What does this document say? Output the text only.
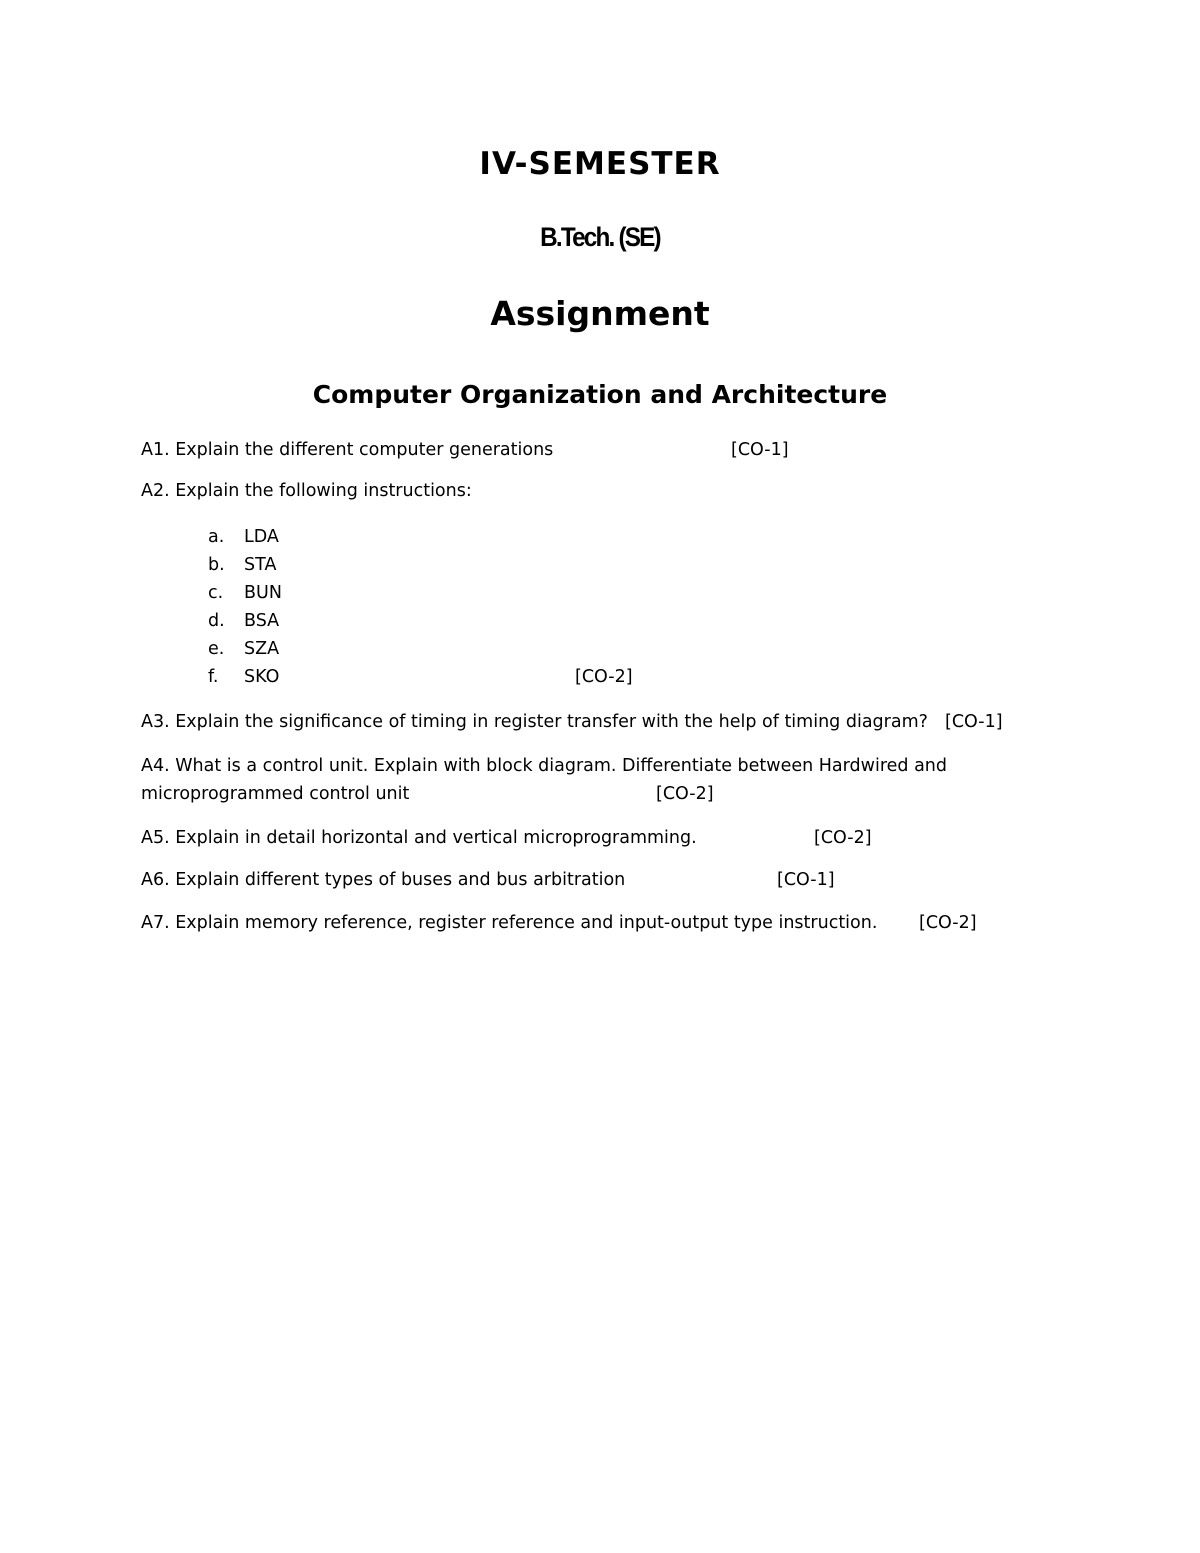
IV-SEMESTER
B.Tech. (SE)
Assignment
Computer Organization and Architecture
A1. Explain the different computer generations	[CO-1]
A2. Explain the following instructions:
a. LDA
b. STA
c. BUN
d. BSA
e. SZA
f. SKO	[CO-2]
A3. Explain the significance of timing in register transfer with the help of timing diagram? [CO-1]
A4. What is a control unit. Explain with block diagram. Differentiate between Hardwired and
microprogrammed control unit	[CO-2]
A5. Explain in detail horizontal and vertical microprogramming.	[CO-2]
A6. Explain different types of buses and bus arbitration	[CO-1]
A7. Explain memory reference, register reference and input-output type instruction. [CO-2]
